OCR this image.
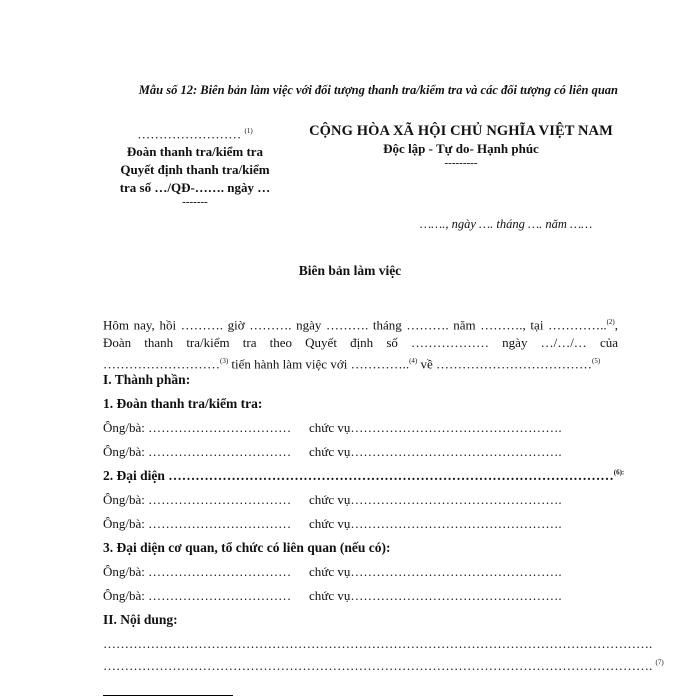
Mẫu số 12: Biên bản làm việc với đối tượng thanh tra/kiểm tra và các đối tượng có liên quan
…………………… $^{(1)}$
Đoàn thanh tra/kiểm tra
Quyết định thanh tra/kiểm
tra số …/QĐ-……. ngày …
-------
CỘNG HÒA XÃ HỘI CHỦ NGHĨA VIỆT NAM
Độc lập - Tự do- Hạnh phúc
---------
……., ngày …. tháng …. năm ……
Biên bản làm việc
Hôm nay, hồi ………. giờ ………. ngày ………. tháng ………. năm ………., tại …………..$^{(2)}$, Đoàn thanh tra/kiểm tra theo Quyết định số ……………… ngày …/…/… của ………………………$^{(3)}$ tiến hành làm việc với …………..$^{(4)}$ về ………………………………$^{(5)}$
I. Thành phần:
1. Đoàn thanh tra/kiểm tra:
Ông/bà: …………………………… chức vụ………………………………………….
Ông/bà: …………………………… chức vụ………………………………………….
2. Đại diện ………………………………………………………………………………………$^{(6):}$
Ông/bà: …………………………… chức vụ………………………………………….
Ông/bà: …………………………… chức vụ………………………………………….
3. Đại diện cơ quan, tổ chức có liên quan (nếu có):
Ông/bà: …………………………… chức vụ………………………………………….
Ông/bà: …………………………… chức vụ………………………………………….
II. Nội dung:
……………………………………………………………………………………………………………….
………………………………………………………………………………………………………………. $^{(7)}$
